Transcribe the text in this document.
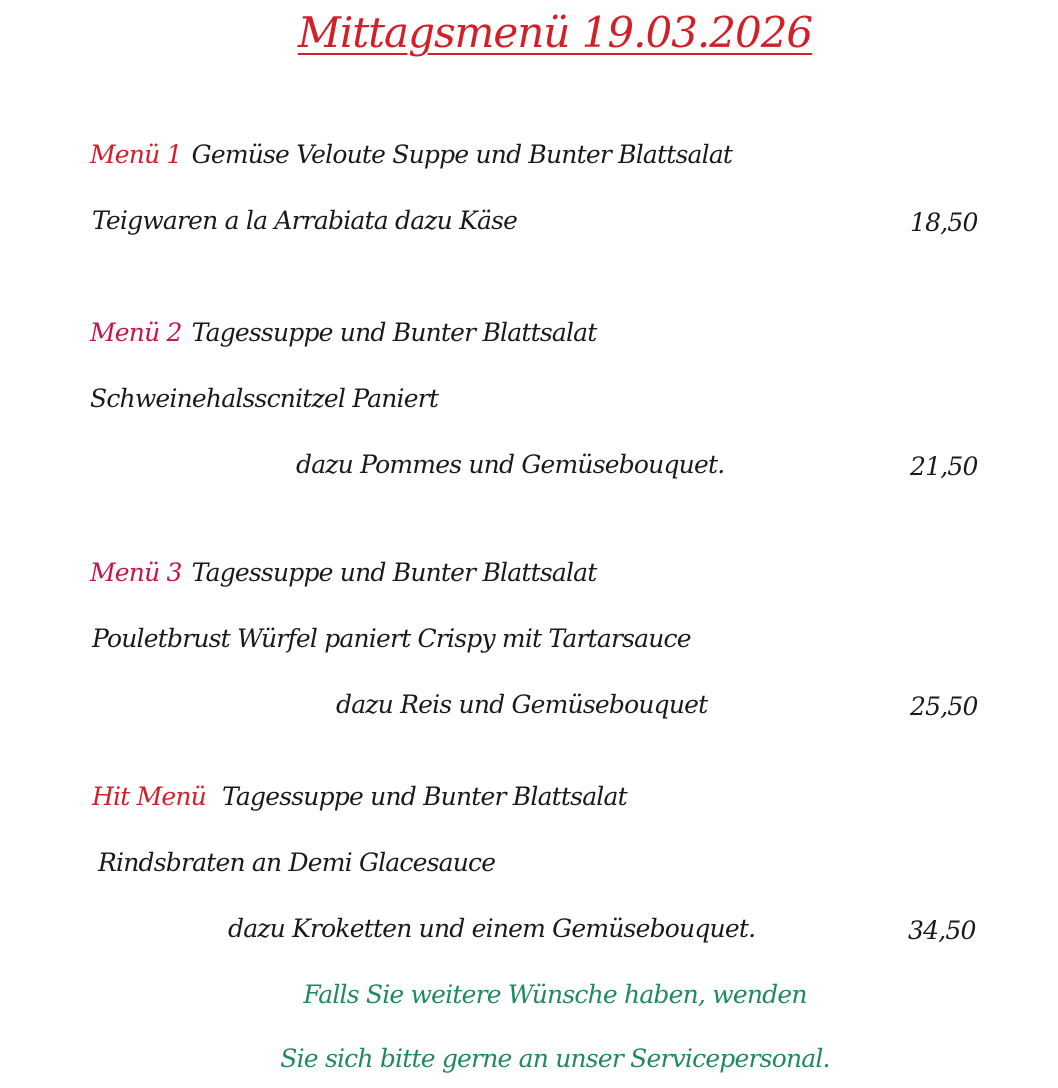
Mittagsmenü 19.03.2026
Menü 1 Gemüse Veloute Suppe und Bunter Blattsalat
Teigwaren a la Arrabiata dazu Käse	18,50
Menü 2 Tagessuppe und Bunter Blattsalat
Schweinehalsscnitzel Paniert
dazu Pommes und Gemüsebouquet.	21,50
Menü 3 Tagessuppe und Bunter Blattsalat
Pouletbrust Würfel paniert Crispy mit Tartarsauce
dazu Reis und Gemüsebouquet	25,50
Hit Menü Tagessuppe und Bunter Blattsalat
Rindsbraten an Demi Glacesauce
dazu Kroketten und einem Gemüsebouquet.	34,50
Falls Sie weitere Wünsche haben, wenden
Sie sich bitte gerne an unser Servicepersonal.
